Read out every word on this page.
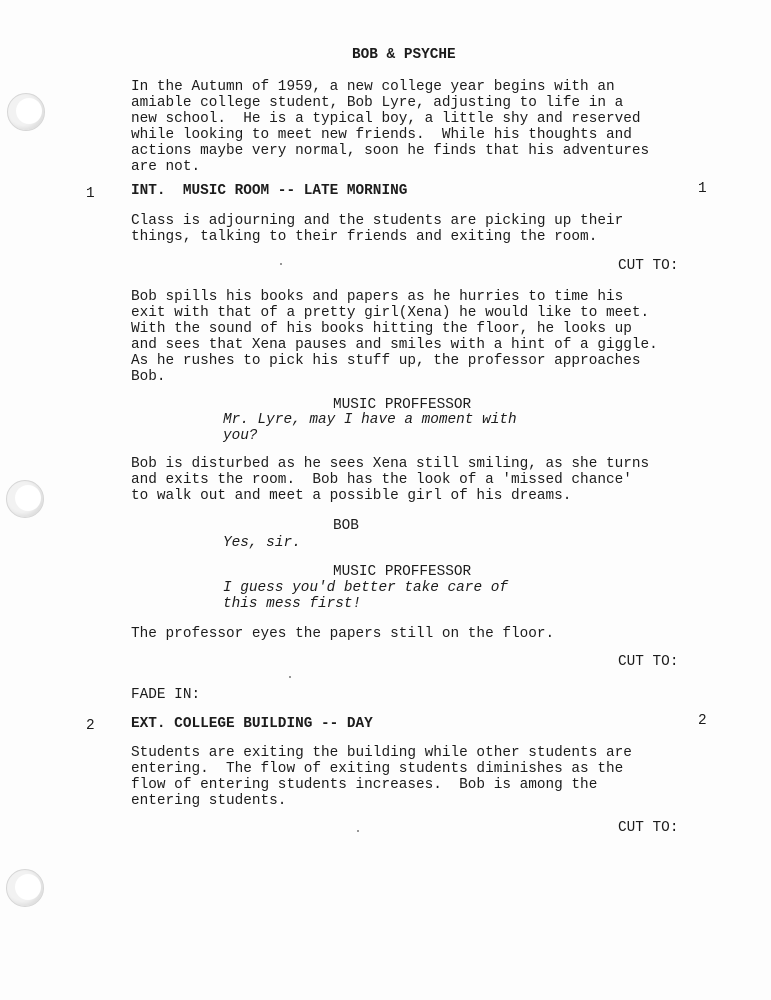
BOB & PSYCHE
In the Autumn of 1959, a new college year begins with an
amiable college student, Bob Lyre, adjusting to life in a
new school.  He is a typical boy, a little shy and reserved
while looking to meet new friends.  While his thoughts and
actions maybe very normal, soon he finds that his adventures
are not.
1	INT.  MUSIC ROOM -- LATE MORNING	1
Class is adjourning and the students are picking up their
things, talking to their friends and exiting the room.
CUT TO:
Bob spills his books and papers as he hurries to time his
exit with that of a pretty girl(Xena) he would like to meet.
With the sound of his books hitting the floor, he looks up
and sees that Xena pauses and smiles with a hint of a giggle.
As he rushes to pick his stuff up, the professor approaches
Bob.
MUSIC PROFFESSOR
Mr. Lyre, may I have a moment with
you?
Bob is disturbed as he sees Xena still smiling, as she turns
and exits the room.  Bob has the look of a 'missed chance'
to walk out and meet a possible girl of his dreams.
BOB
Yes, sir.
MUSIC PROFFESSOR
I guess you'd better take care of
this mess first!
The professor eyes the papers still on the floor.
CUT TO:
FADE IN:
2	EXT. COLLEGE BUILDING -- DAY	2
Students are exiting the building while other students are
entering.  The flow of exiting students diminishes as the
flow of entering students increases.  Bob is among the
entering students.
CUT TO:
